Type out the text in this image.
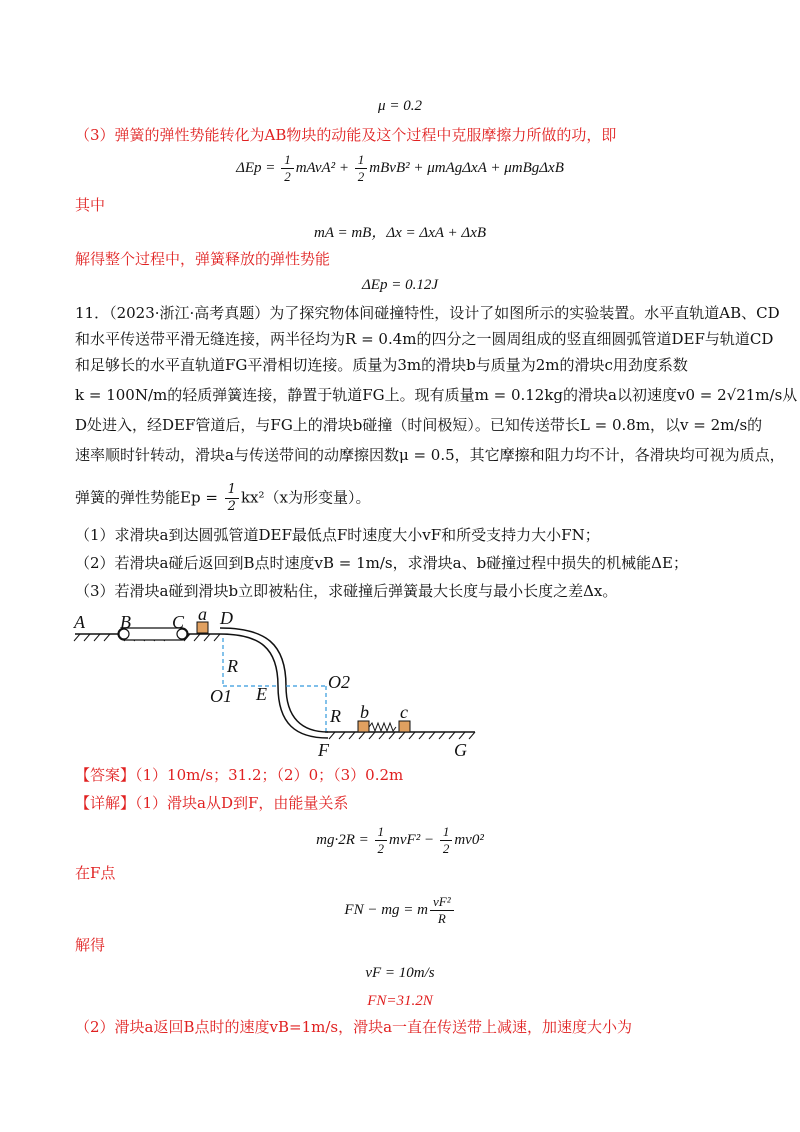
μ = 0.2
（3）弹簧的弹性势能转化为AB物块的动能及这个过程中克服摩擦力所做的功，即
$\Delta Ep = \frac{1}{2}$ mAvA² + $\frac{1}{2}$ mBvB² + μmAgΔxA + μmBgΔxB
其中
mA = mB，Δx = ΔxA + ΔxB
解得整个过程中，弹簧释放的弹性势能
ΔEp = 0.12J
11．（2023·浙江·高考真题）为了探究物体间碰撞特性，设计了如图所示的实验装置。水平直轨道AB、CD
和水平传送带平滑无缝连接，两半径均为R = 0.4m的四分之一圆周组成的竖直细圆弧管道DEF与轨道CD
和足够长的水平直轨道FG平滑相切连接。质量为3m的滑块b与质量为2m的滑块c用劲度系数
k = 100N/m的轻质弹簧连接，静置于轨道FG上。现有质量m = 0.12kg的滑块a以初速度v0 = 2√21m/s从
D处进入，经DEF管道后，与FG上的滑块b碰撞（时间极短）。已知传送带长L = 0.8m，以v = 2m/s的
速率顺时针转动，滑块a与传送带间的动摩擦因数μ = 0.5，其它摩擦和阻力均不计，各滑块均可视为质点，
弹簧的弹性势能$Ep = \frac{1}{2} kx^2(x$为形变量）。
（1）求滑块a到达圆弧管道DEF最低点F时速度大小vF和所受支持力大小FN；
（2）若滑块a碰后返回到B点时速度vB = 1m/s，求滑块a、b碰撞过程中损失的机械能ΔE；
（3）若滑块a碰到滑块b立即被粘住，求碰撞后弹簧最大长度与最小长度之差Δx。
A B C a D
R
O1 E
O2
R b c
F	G
【答案】（1）10m/s；31.2；（2）0；（3）0.2m
【详解】（1）滑块a从D到F，由能量关系
$mg\cdot 2R = \frac{1}{2} mvF^2 - \frac{1}{2} mv0^2$
在F点
FN − mg = m $\frac{\text{vF²}}{R}$
解得
vF = 10m/s
FN=31.2N
（2）滑块a返回B点时的速度vB=1m/s，滑块a一直在传送带上减速，加速度大小为
